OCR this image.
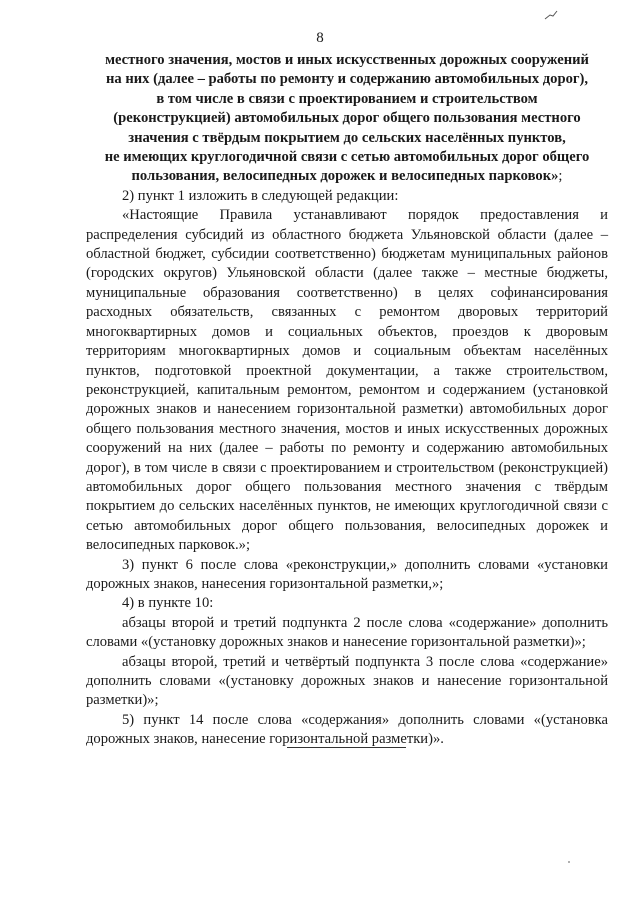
8

местного значения, мостов и иных искусственных дорожных сооружений
на них (далее – работы по ремонту и содержанию автомобильных дорог),
в том числе в связи с проектированием и строительством
(реконструкцией) автомобильных дорог общего пользования местного
значения с твёрдым покрытием до сельских населённых пунктов,
не имеющих круглогодичной связи с сетью автомобильных дорог общего
пользования, велосипедных дорожек и велосипедных парковок»;

2) пункт 1 изложить в следующей редакции:

«Настоящие Правила устанавливают порядок предоставления и распределения субсидий из областного бюджета Ульяновской области (далее – областной бюджет, субсидии соответственно) бюджетам муниципальных районов (городских округов) Ульяновской области (далее также – местные бюджеты, муниципальные образования соответственно) в целях софинансирования расходных обязательств, связанных с ремонтом дворовых территорий многоквартирных домов и социальных объектов, проездов к дворовым территориям многоквартирных домов и социальным объектам населённых пунктов, подготовкой проектной документации, а также строительством, реконструкцией, капитальным ремонтом, ремонтом и содержанием (установкой дорожных знаков и нанесением горизонтальной разметки) автомобильных дорог общего пользования местного значения, мостов и иных искусственных дорожных сооружений на них (далее – работы по ремонту и содержанию автомобильных дорог), в том числе в связи с проектированием и строительством (реконструкцией) автомобильных дорог общего пользования местного значения с твёрдым покрытием до сельских населённых пунктов, не имеющих круглогодичной связи с сетью автомобильных дорог общего пользования, велосипедных дорожек и велосипедных парковок.»;

3) пункт 6 после слова «реконструкции,» дополнить словами «установки дорожных знаков, нанесения горизонтальной разметки,»;

4) в пункте 10:

абзацы второй и третий подпункта 2 после слова «содержание» дополнить словами «(установку дорожных знаков и нанесение горизонтальной разметки)»;

абзацы второй, третий и четвёртый подпункта 3 после слова «содержание» дополнить словами «(установку дорожных знаков и нанесение горизонтальной разметки)»;

5) пункт 14 после слова «содержания» дополнить словами «(установка дорожных знаков, нанесение горизонтальной разметки)».
